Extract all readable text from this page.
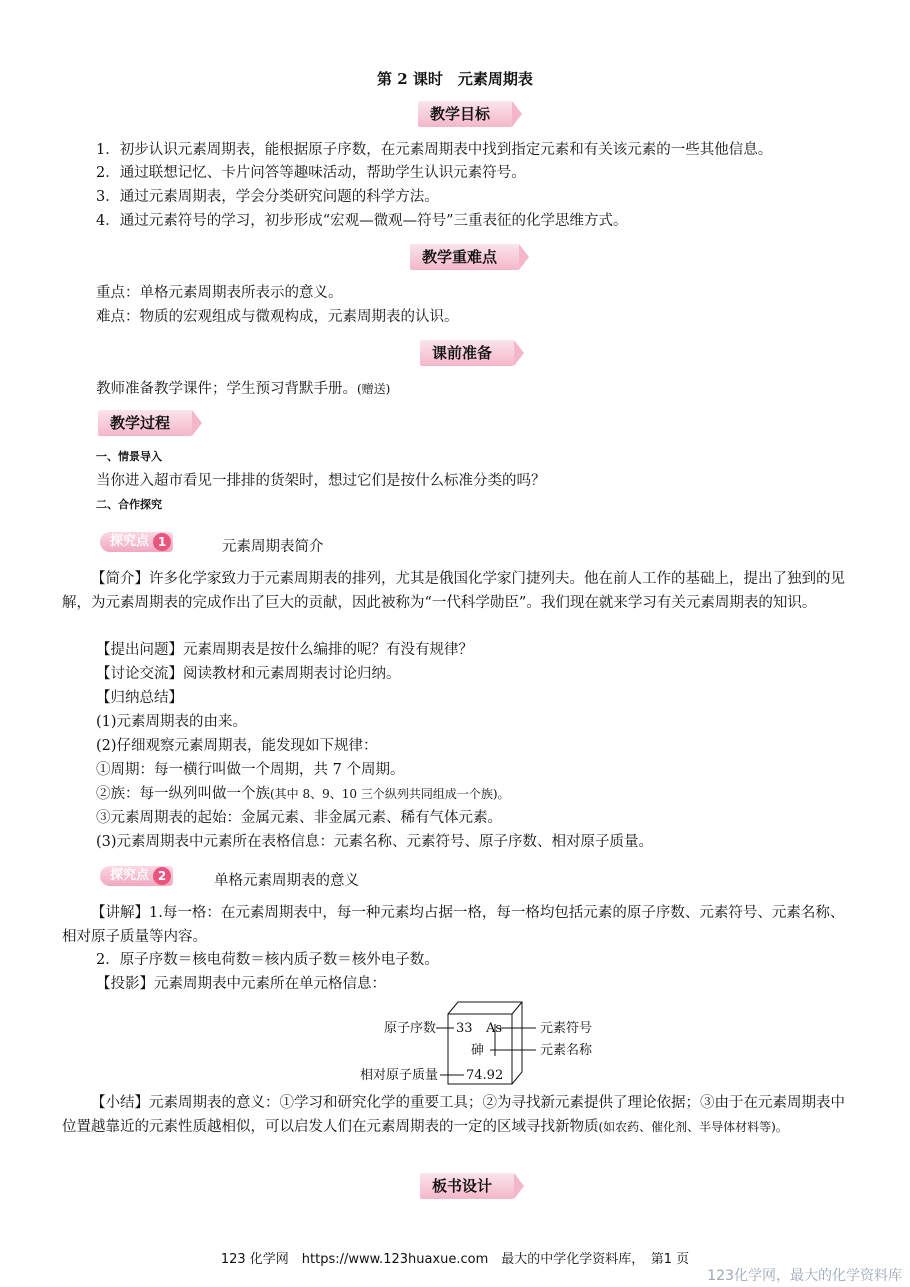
第 2 课时　元素周期表
教学目标
1．初步认识元素周期表，能根据原子序数，在元素周期表中找到指定元素和有关该元素的一些其他信息。
2．通过联想记忆、卡片问答等趣味活动，帮助学生认识元素符号。
3．通过元素周期表，学会分类研究问题的科学方法。
4．通过元素符号的学习，初步形成“宏观—微观—符号”三重表征的化学思维方式。
教学重难点
重点：单格元素周期表所表示的意义。
难点：物质的宏观组成与微观构成，元素周期表的认识。
课前准备
教师准备教学课件；学生预习背默手册。(赠送)
教学过程
一、情景导入
当你进入超市看见一排排的货架时，想过它们是按什么标准分类的吗？
二、合作探究
探究点 1	元素周期表简介
【简介】许多化学家致力于元素周期表的排列，尤其是俄国化学家门捷列夫。他在前人工作的基础上，提出了独到的见解，为元素周期表的完成作出了巨大的贡献，因此被称为“一代科学勋臣”。我们现在就来学习有关元素周期表的知识。
【提出问题】元素周期表是按什么编排的呢？有没有规律？
【讨论交流】阅读教材和元素周期表讨论归纳。
【归纳总结】
(1)元素周期表的由来。
(2)仔细观察元素周期表，能发现如下规律：
①周期：每一横行叫做一个周期，共 7 个周期。
②族：每一纵列叫做一个族(其中 8、9、10 三个纵列共同组成一个族)。
③元素周期表的起始：金属元素、非金属元素、稀有气体元素。
(3)元素周期表中元素所在表格信息：元素名称、元素符号、原子序数、相对原子质量。
探究点 2	单格元素周期表的意义
【讲解】1.每一格：在元素周期表中，每一种元素均占据一格，每一格均包括元素的原子序数、元素符号、元素名称、相对原子质量等内容。
2．原子序数＝核电荷数＝核内质子数＝核外电子数。
【投影】元素周期表中元素所在单元格信息：
原子序数 33 As	元素符号
砷	元素名称
相对原子质量 74.92
【小结】元素周期表的意义：①学习和研究化学的重要工具；②为寻找新元素提供了理论依据；③由于在元素周期表中位置越靠近的元素性质越相似，可以启发人们在元素周期表的一定的区域寻找新物质(如农药、催化剂、半导体材料等)。
板书设计
123 化学网　https://www.123huaxue.com　最大的中学化学资料库，　第1 页
123化学网，最大的化学资料库
